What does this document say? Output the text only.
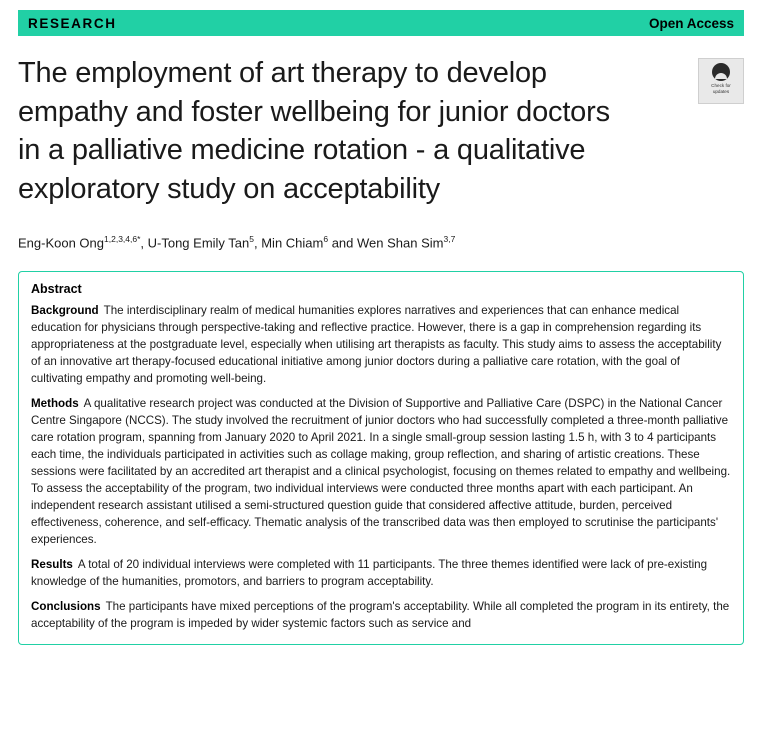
RESEARCH	Open Access
Check for
updates
The employment of art therapy to develop empathy and foster wellbeing for junior doctors in a palliative medicine rotation - a qualitative exploratory study on acceptability
Eng-Koon Ong$^{1,2,3,4,6*}$, U-Tong Emily Tan$^5$, Min Chiam$^6$ and Wen Shan Sim$^{3,7}$
Abstract

Background The interdisciplinary realm of medical humanities explores narratives and experiences that can enhance medical education for physicians through perspective-taking and reflective practice. However, there is a gap in comprehension regarding its appropriateness at the postgraduate level, especially when utilising art therapists as faculty. This study aims to assess the acceptability of an innovative art therapy-focused educational initiative among junior doctors during a palliative care rotation, with the goal of cultivating empathy and promoting well-being.

Methods A qualitative research project was conducted at the Division of Supportive and Palliative Care (DSPC) in the National Cancer Centre Singapore (NCCS). The study involved the recruitment of junior doctors who had successfully completed a three-month palliative care rotation program, spanning from January 2020 to April 2021. In a single small-group session lasting 1.5 h, with 3 to 4 participants each time, the individuals participated in activities such as collage making, group reflection, and sharing of artistic creations. These sessions were facilitated by an accredited art therapist and a clinical psychologist, focusing on themes related to empathy and wellbeing. To assess the acceptability of the program, two individual interviews were conducted three months apart with each participant. An independent research assistant utilised a semi-structured question guide that considered affective attitude, burden, perceived effectiveness, coherence, and self-efficacy. Thematic analysis of the transcribed data was then employed to scrutinise the participants' experiences.

Results A total of 20 individual interviews were completed with 11 participants. The three themes identified were lack of pre-existing knowledge of the humanities, promotors, and barriers to program acceptability.

Conclusions The participants have mixed perceptions of the program's acceptability. While all completed the program in its entirety, the acceptability of the program is impeded by wider systemic factors such as service and
